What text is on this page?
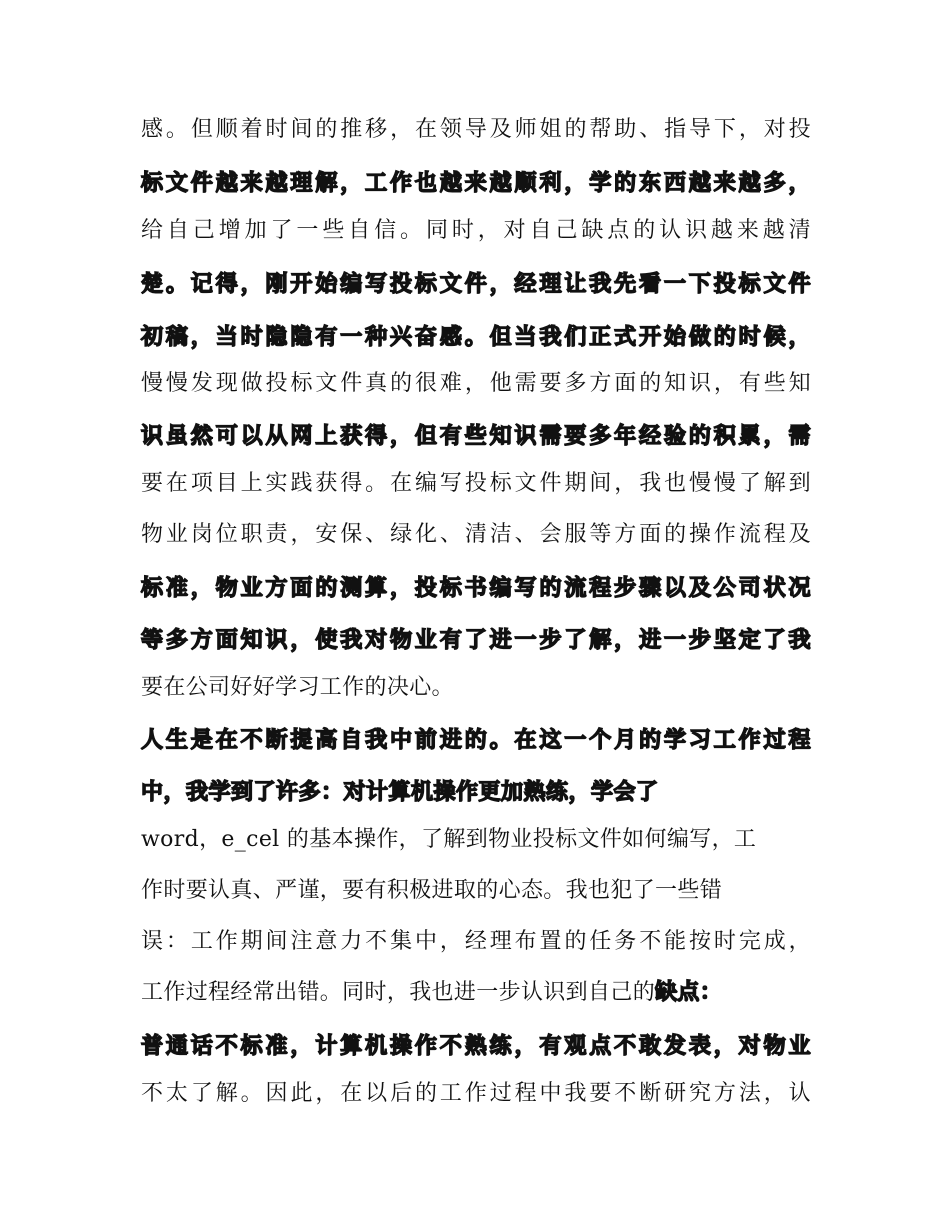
感。但顺着时间的推移，在领导及师姐的帮助、指导下，对投
标文件越来越理解，工作也越来越顺利，学的东西越来越多，
给自己增加了一些自信。同时，对自己缺点的认识越来越清
楚。记得，刚开始编写投标文件，经理让我先看一下投标文件
初稿，当时隐隐有一种兴奋感。但当我们正式开始做的时候，
慢慢发现做投标文件真的很难，他需要多方面的知识，有些知
识虽然可以从网上获得，但有些知识需要多年经验的积累，需
要在项目上实践获得。在编写投标文件期间，我也慢慢了解到
物业岗位职责，安保、绿化、清洁、会服等方面的操作流程及
标准，物业方面的测算，投标书编写的流程步骤以及公司状况
等多方面知识，使我对物业有了进一步了解，进一步坚定了我
要在公司好好学习工作的决心。
人生是在不断提高自我中前进的。在这一个月的学习工作过程
中，我学到了许多：对计算机操作更加熟练，学会了
word，e_cel 的基本操作，了解到物业投标文件如何编写，工
作时要认真、严谨，要有积极进取的心态。我也犯了一些错
误：工作期间注意力不集中，经理布置的任务不能按时完成，
工作过程经常出错。同时，我也进一步认识到自己的缺点：
普通话不标准，计算机操作不熟练，有观点不敢发表，对物业
不太了解。因此，在以后的工作过程中我要不断研究方法，认
